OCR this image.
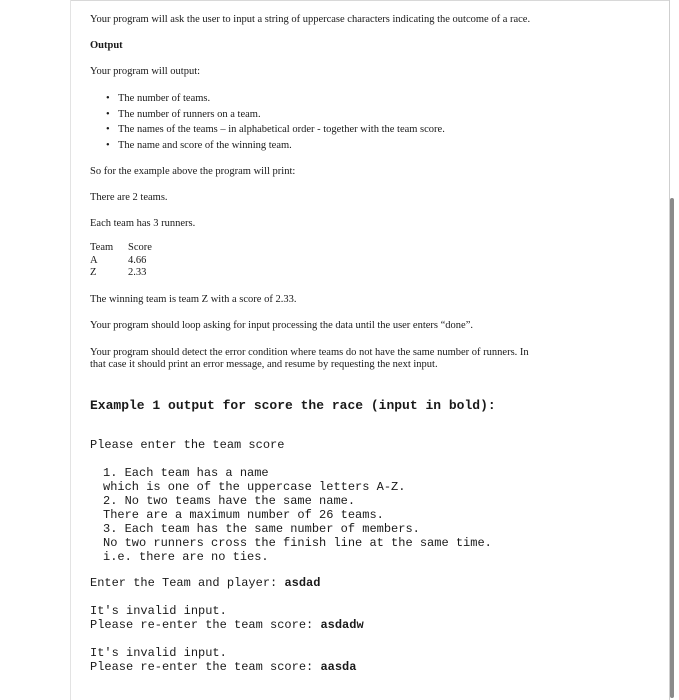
Your program will ask the user to input a string of uppercase characters indicating the outcome of a race.
Output
Your program will output:
• The number of teams.
• The number of runners on a team.
• The names of the teams – in alphabetical order - together with the team score.
• The name and score of the winning team.
So for the example above the program will print:
There are 2 teams.
Each team has 3 runners.
Team Score
A	4.66
Z	2.33
The winning team is team Z with a score of 2.33.
Your program should loop asking for input processing the data until the user enters “done”.
Your program should detect the error condition where teams do not have the same number of runners. In
that case it should print an error message, and resume by requesting the next input.
Example 1 output for score the race (input in bold):
Please enter the team score
1. Each team has a name
which is one of the uppercase letters A-Z.
2. No two teams have the same name.
There are a maximum number of 26 teams.
3. Each team has the same number of members.
No two runners cross the finish line at the same time.
i.e. there are no ties.
Enter the Team and player: asdad
It's invalid input.
Please re-enter the team score: asdadw
It's invalid input.
Please re-enter the team score: aasda
